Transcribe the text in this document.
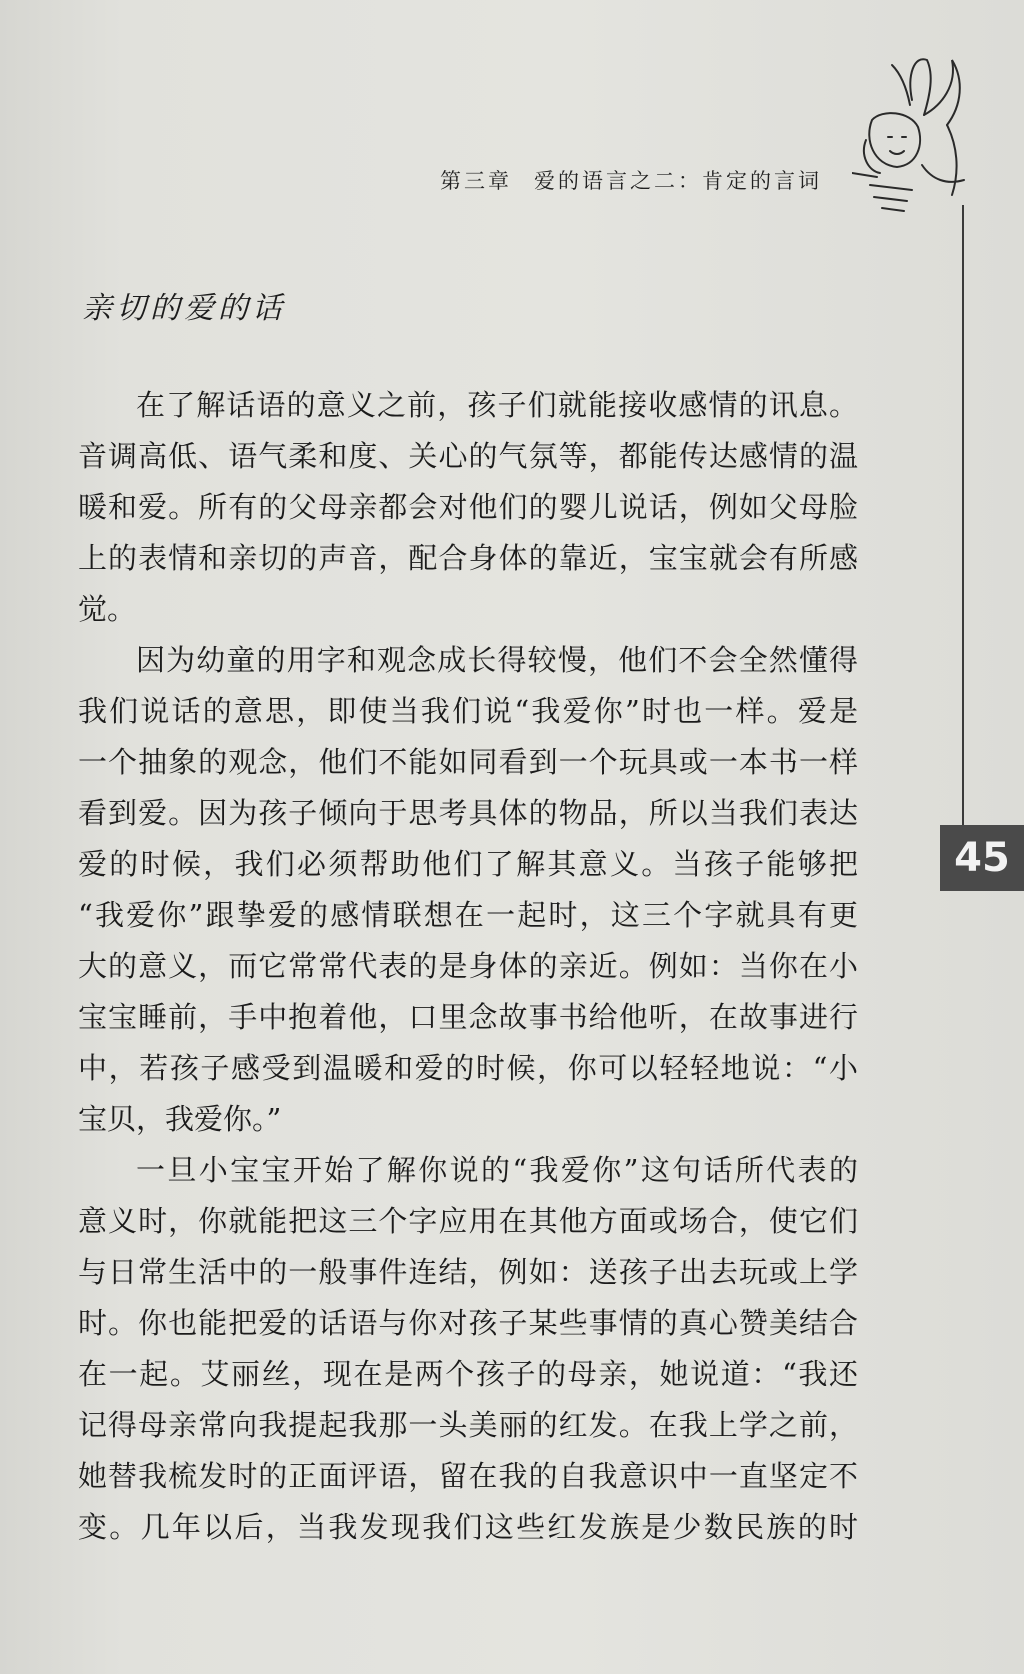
第三章 爱的语言之二：肯定的言词
45
亲切的爱的话
在了解话语的意义之前，孩子们就能接收感情的讯息。
音调高低、语气柔和度、关心的气氛等，都能传达感情的温
暖和爱。所有的父母亲都会对他们的婴儿说话，例如父母脸
上的表情和亲切的声音，配合身体的靠近，宝宝就会有所感
觉。
因为幼童的用字和观念成长得较慢，他们不会全然懂得
我们说话的意思，即使当我们说“我爱你”时也一样。爱是
一个抽象的观念，他们不能如同看到一个玩具或一本书一样
看到爱。因为孩子倾向于思考具体的物品，所以当我们表达
爱的时候，我们必须帮助他们了解其意义。当孩子能够把
“我爱你”跟挚爱的感情联想在一起时，这三个字就具有更
大的意义，而它常常代表的是身体的亲近。例如：当你在小
宝宝睡前，手中抱着他，口里念故事书给他听，在故事进行
中，若孩子感受到温暖和爱的时候，你可以轻轻地说：“小
宝贝，我爱你。”
一旦小宝宝开始了解你说的“我爱你”这句话所代表的
意义时，你就能把这三个字应用在其他方面或场合，使它们
与日常生活中的一般事件连结，例如：送孩子出去玩或上学
时。你也能把爱的话语与你对孩子某些事情的真心赞美结合
在一起。艾丽丝，现在是两个孩子的母亲，她说道：“我还
记得母亲常向我提起我那一头美丽的红发。在我上学之前，
她替我梳发时的正面评语，留在我的自我意识中一直坚定不
变。几年以后，当我发现我们这些红发族是少数民族的时
